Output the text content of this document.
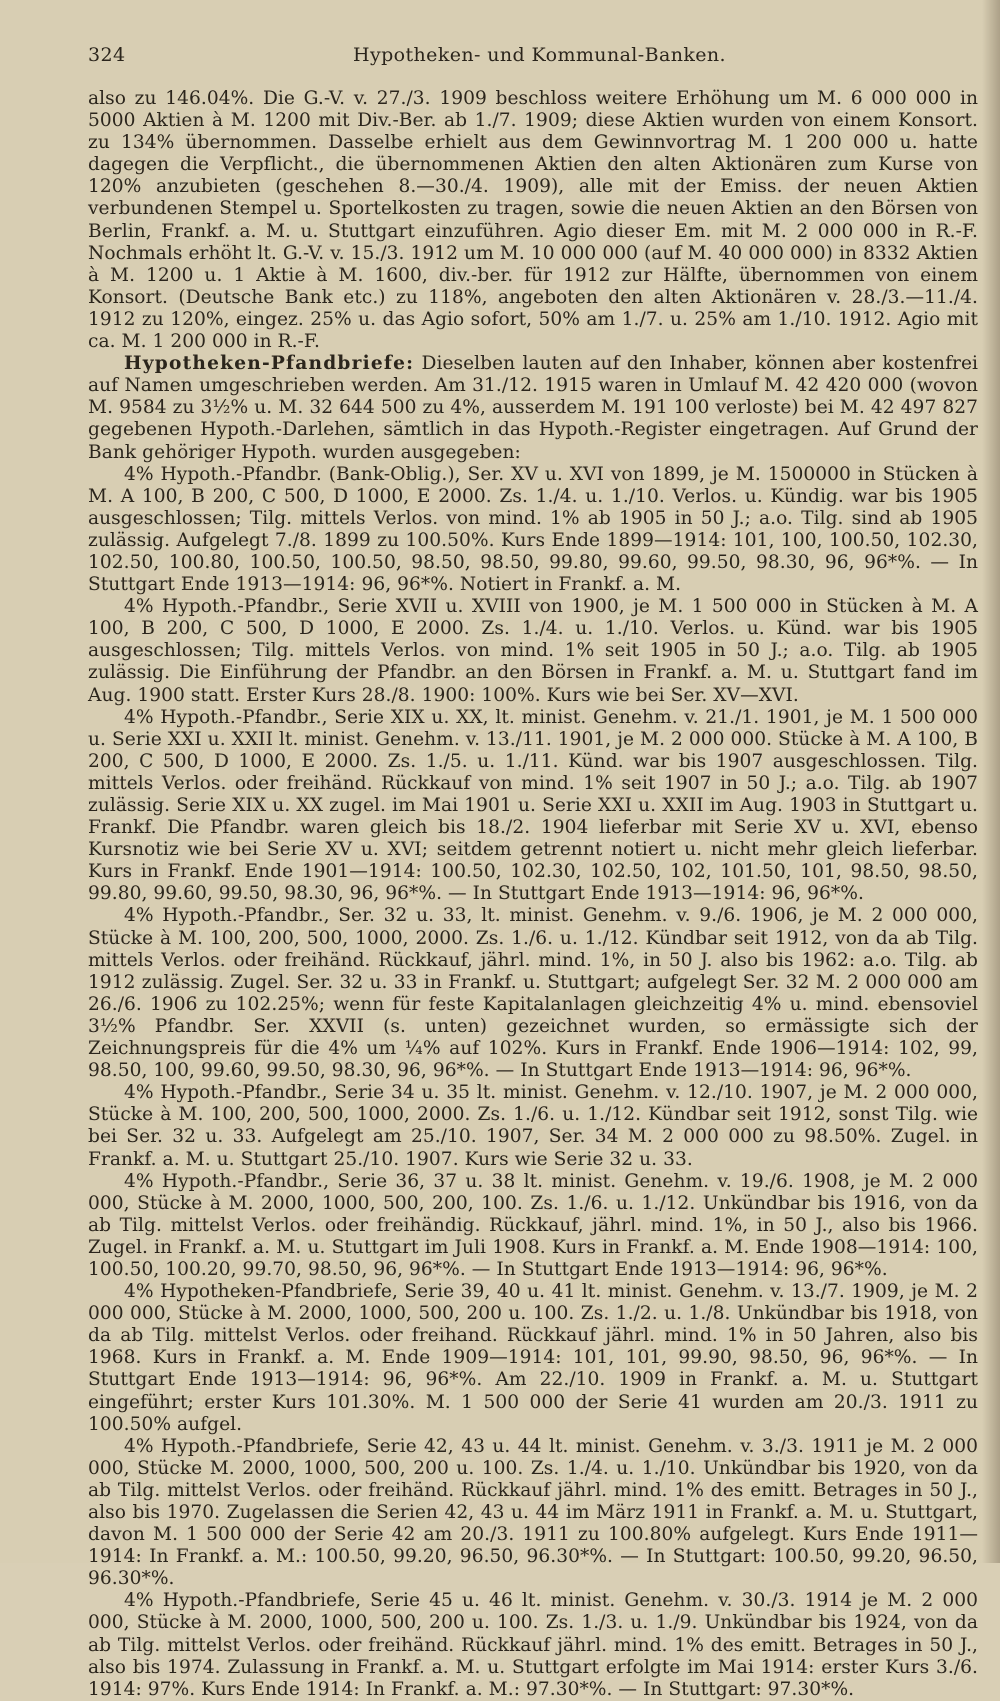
324	Hypotheken- und Kommunal-Banken.

also zu 146.04%. Die G.-V. v. 27./3. 1909 beschloss weitere Erhöhung um M. 6 000 000 in 5000 Aktien à M. 1200 mit Div.-Ber. ab 1./7. 1909; diese Aktien wurden von einem Konsort. zu 134% übernommen. Dasselbe erhielt aus dem Gewinnvortrag M. 1 200 000 u. hatte dagegen die Verpflicht., die übernommenen Aktien den alten Aktionären zum Kurse von 120% anzubieten (geschehen 8.—30./4. 1909), alle mit der Emiss. der neuen Aktien verbundenen Stempel u. Sportelkosten zu tragen, sowie die neuen Aktien an den Börsen von Berlin, Frankf. a. M. u. Stuttgart einzuführen. Agio dieser Em. mit M. 2 000 000 in R.-F. Nochmals erhöht lt. G.-V. v. 15./3. 1912 um M. 10 000 000 (auf M. 40 000 000) in 8332 Aktien à M. 1200 u. 1 Aktie à M. 1600, div.-ber. für 1912 zur Hälfte, übernommen von einem Konsort. (Deutsche Bank etc.) zu 118%, angeboten den alten Aktionären v. 28./3.—11./4. 1912 zu 120%, eingez. 25% u. das Agio sofort, 50% am 1./7. u. 25% am 1./10. 1912. Agio mit ca. M. 1 200 000 in R.-F.

Hypotheken-Pfandbriefe: Dieselben lauten auf den Inhaber, können aber kostenfrei auf Namen umgeschrieben werden. Am 31./12. 1915 waren in Umlauf M. 42 420 000 (wovon M. 9584 zu 3½% u. M. 32 644 500 zu 4%, ausserdem M. 191 100 verloste) bei M. 42 497 827 gegebenen Hypoth.-Darlehen, sämtlich in das Hypoth.-Register eingetragen. Auf Grund der Bank gehöriger Hypoth. wurden ausgegeben:

4% Hypoth.-Pfandbr. (Bank-Oblig.), Ser. XV u. XVI von 1899, je M. 1500000 in Stücken à M. A 100, B 200, C 500, D 1000, E 2000. Zs. 1./4. u. 1./10. Verlos. u. Kündig. war bis 1905 ausgeschlossen; Tilg. mittels Verlos. von mind. 1% ab 1905 in 50 J.; a.o. Tilg. sind ab 1905 zulässig. Aufgelegt 7./8. 1899 zu 100.50%. Kurs Ende 1899—1914: 101, 100, 100.50, 102.30, 102.50, 100.80, 100.50, 100.50, 98.50, 98.50, 99.80, 99.60, 99.50, 98.30, 96, 96*%. — In Stuttgart Ende 1913—1914: 96, 96*%. Notiert in Frankf. a. M.

4% Hypoth.-Pfandbr., Serie XVII u. XVIII von 1900, je M. 1 500 000 in Stücken à M. A 100, B 200, C 500, D 1000, E 2000. Zs. 1./4. u. 1./10. Verlos. u. Künd. war bis 1905 ausgeschlossen; Tilg. mittels Verlos. von mind. 1% seit 1905 in 50 J.; a.o. Tilg. ab 1905 zulässig. Die Einführung der Pfandbr. an den Börsen in Frankf. a. M. u. Stuttgart fand im Aug. 1900 statt. Erster Kurs 28./8. 1900: 100%. Kurs wie bei Ser. XV—XVI.

4% Hypoth.-Pfandbr., Serie XIX u. XX, lt. minist. Genehm. v. 21./1. 1901, je M. 1 500 000 u. Serie XXI u. XXII lt. minist. Genehm. v. 13./11. 1901, je M. 2 000 000. Stücke à M. A 100, B 200, C 500, D 1000, E 2000. Zs. 1./5. u. 1./11. Künd. war bis 1907 ausgeschlossen. Tilg. mittels Verlos. oder freihänd. Rückkauf von mind. 1% seit 1907 in 50 J.; a.o. Tilg. ab 1907 zulässig. Serie XIX u. XX zugel. im Mai 1901 u. Serie XXI u. XXII im Aug. 1903 in Stuttgart u. Frankf. Die Pfandbr. waren gleich bis 18./2. 1904 lieferbar mit Serie XV u. XVI, ebenso Kursnotiz wie bei Serie XV u. XVI; seitdem getrennt notiert u. nicht mehr gleich lieferbar. Kurs in Frankf. Ende 1901—1914: 100.50, 102.30, 102.50, 102, 101.50, 101, 98.50, 98.50, 99.80, 99.60, 99.50, 98.30, 96, 96*%. — In Stuttgart Ende 1913—1914: 96, 96*%.

4% Hypoth.-Pfandbr., Ser. 32 u. 33, lt. minist. Genehm. v. 9./6. 1906, je M. 2 000 000, Stücke à M. 100, 200, 500, 1000, 2000. Zs. 1./6. u. 1./12. Kündbar seit 1912, von da ab Tilg. mittels Verlos. oder freihänd. Rückkauf, jährl. mind. 1%, in 50 J. also bis 1962: a.o. Tilg. ab 1912 zulässig. Zugel. Ser. 32 u. 33 in Frankf. u. Stuttgart; aufgelegt Ser. 32 M. 2 000 000 am 26./6. 1906 zu 102.25%; wenn für feste Kapitalanlagen gleichzeitig 4% u. mind. ebensoviel 3½% Pfandbr. Ser. XXVII (s. unten) gezeichnet wurden, so ermässigte sich der Zeichnungspreis für die 4% um ¼% auf 102%. Kurs in Frankf. Ende 1906—1914: 102, 99, 98.50, 100, 99.60, 99.50, 98.30, 96, 96*%. — In Stuttgart Ende 1913—1914: 96, 96*%.

4% Hypoth.-Pfandbr., Serie 34 u. 35 lt. minist. Genehm. v. 12./10. 1907, je M. 2 000 000, Stücke à M. 100, 200, 500, 1000, 2000. Zs. 1./6. u. 1./12. Kündbar seit 1912, sonst Tilg. wie bei Ser. 32 u. 33. Aufgelegt am 25./10. 1907, Ser. 34 M. 2 000 000 zu 98.50%. Zugel. in Frankf. a. M. u. Stuttgart 25./10. 1907. Kurs wie Serie 32 u. 33.

4% Hypoth.-Pfandbr., Serie 36, 37 u. 38 lt. minist. Genehm. v. 19./6. 1908, je M. 2 000 000, Stücke à M. 2000, 1000, 500, 200, 100. Zs. 1./6. u. 1./12. Unkündbar bis 1916, von da ab Tilg. mittelst Verlos. oder freihändig. Rückkauf, jährl. mind. 1%, in 50 J., also bis 1966. Zugel. in Frankf. a. M. u. Stuttgart im Juli 1908. Kurs in Frankf. a. M. Ende 1908—1914: 100, 100.50, 100.20, 99.70, 98.50, 96, 96*%. — In Stuttgart Ende 1913—1914: 96, 96*%.

4% Hypotheken-Pfandbriefe, Serie 39, 40 u. 41 lt. minist. Genehm. v. 13./7. 1909, je M. 2 000 000, Stücke à M. 2000, 1000, 500, 200 u. 100. Zs. 1./2. u. 1./8. Unkündbar bis 1918, von da ab Tilg. mittelst Verlos. oder freihand. Rückkauf jährl. mind. 1% in 50 Jahren, also bis 1968. Kurs in Frankf. a. M. Ende 1909—1914: 101, 101, 99.90, 98.50, 96, 96*%. — In Stuttgart Ende 1913—1914: 96, 96*%. Am 22./10. 1909 in Frankf. a. M. u. Stuttgart eingeführt; erster Kurs 101.30%. M. 1 500 000 der Serie 41 wurden am 20./3. 1911 zu 100.50% aufgel.

4% Hypoth.-Pfandbriefe, Serie 42, 43 u. 44 lt. minist. Genehm. v. 3./3. 1911 je M. 2 000 000, Stücke M. 2000, 1000, 500, 200 u. 100. Zs. 1./4. u. 1./10. Unkündbar bis 1920, von da ab Tilg. mittelst Verlos. oder freihänd. Rückkauf jährl. mind. 1% des emitt. Betrages in 50 J., also bis 1970. Zugelassen die Serien 42, 43 u. 44 im März 1911 in Frankf. a. M. u. Stuttgart, davon M. 1 500 000 der Serie 42 am 20./3. 1911 zu 100.80% aufgelegt. Kurs Ende 1911—1914: In Frankf. a. M.: 100.50, 99.20, 96.50, 96.30*%. — In Stuttgart: 100.50, 99.20, 96.50, 96.30*%.

4% Hypoth.-Pfandbriefe, Serie 45 u. 46 lt. minist. Genehm. v. 30./3. 1914 je M. 2 000 000, Stücke à M. 2000, 1000, 500, 200 u. 100. Zs. 1./3. u. 1./9. Unkündbar bis 1924, von da ab Tilg. mittelst Verlos. oder freihänd. Rückkauf jährl. mind. 1% des emitt. Betrages in 50 J., also bis 1974. Zulassung in Frankf. a. M. u. Stuttgart erfolgte im Mai 1914: erster Kurs 3./6. 1914: 97%. Kurs Ende 1914: In Frankf. a. M.: 97.30*%. — In Stuttgart: 97.30*%.
